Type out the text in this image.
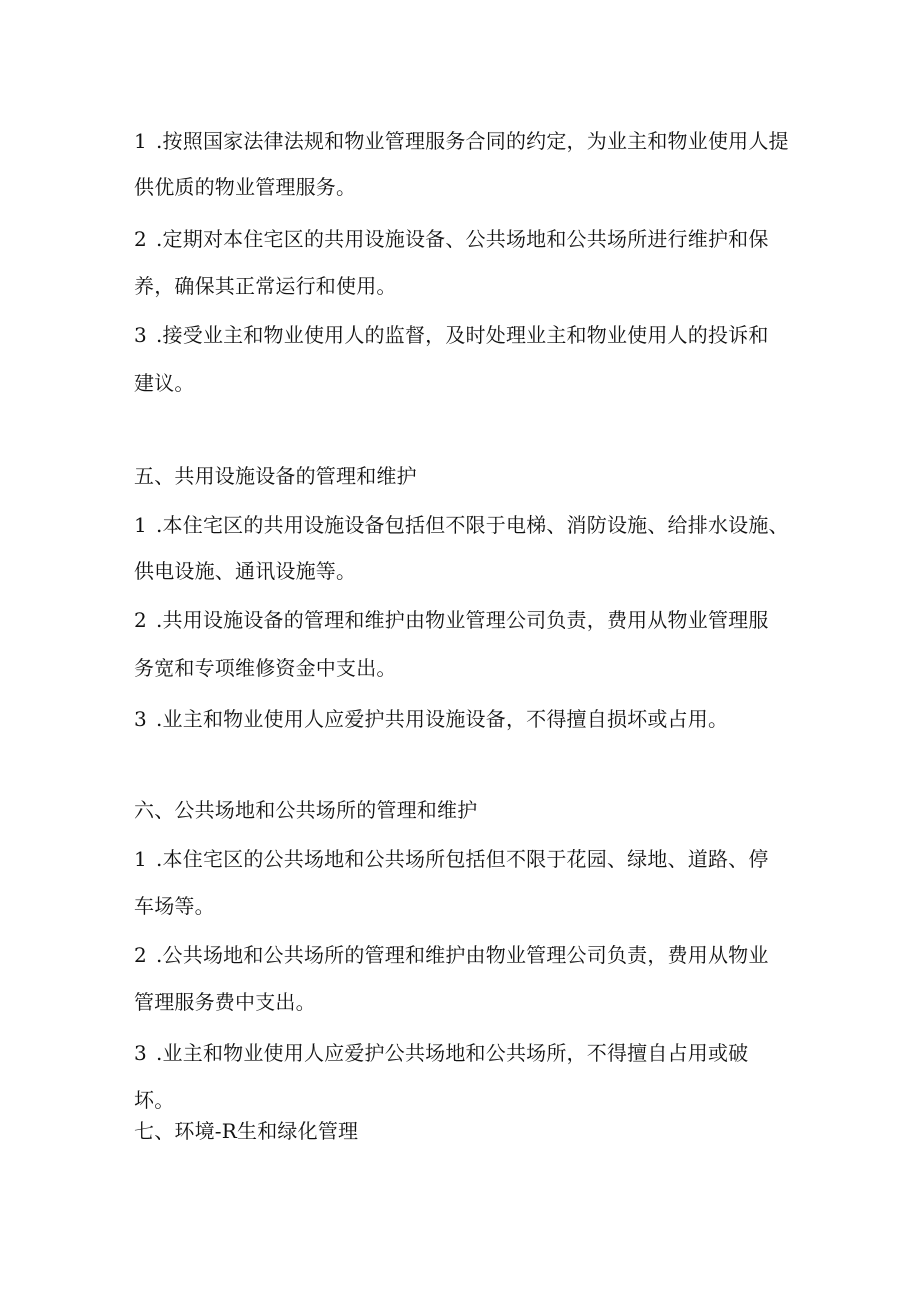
1 .按照国家法律法规和物业管理服务合同的约定，为业主和物业使用人提
供优质的物业管理服务。
2 .定期对本住宅区的共用设施设备、公共场地和公共场所进行维护和保
养，确保其正常运行和使用。
3 .接受业主和物业使用人的监督，及时处理业主和物业使用人的投诉和
建议。
五、共用设施设备的管理和维护
1 .本住宅区的共用设施设备包括但不限于电梯、消防设施、给排水设施、
供电设施、通讯设施等。
2 .共用设施设备的管理和维护由物业管理公司负责，费用从物业管理服
务宽和专项维修资金中支出。
3 .业主和物业使用人应爱护共用设施设备，不得擅自损坏或占用。
六、公共场地和公共场所的管理和维护
1 .本住宅区的公共场地和公共场所包括但不限于花园、绿地、道路、停
车场等。
2 .公共场地和公共场所的管理和维护由物业管理公司负责，费用从物业
管理服务费中支出。
3 .业主和物业使用人应爱护公共场地和公共场所，不得擅自占用或破
坏。
七、环境-R生和绿化管理
